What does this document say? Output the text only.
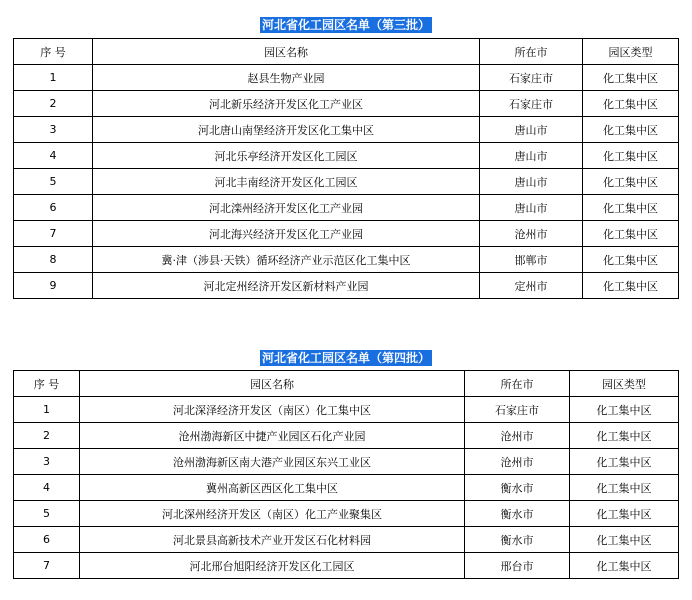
河北省化工园区名单（第三批）
序 号	园区名称	所在市	园区类型
1	赵县生物产业园	石家庄市	化工集中区
2	河北新乐经济开发区化工产业区	石家庄市	化工集中区
3	河北唐山南堡经济开发区化工集中区	唐山市	化工集中区
4	河北乐亭经济开发区化工园区	唐山市	化工集中区
5	河北丰南经济开发区化工园区	唐山市	化工集中区
6	河北滦州经济开发区化工产业园	唐山市	化工集中区
7	河北海兴经济开发区化工产业园	沧州市	化工集中区
8	冀·津（涉县·天铁）循环经济产业示范区化工集中区	邯郸市	化工集中区
9	河北定州经济开发区新材料产业园	定州市	化工集中区
河北省化工园区名单（第四批）
序 号	园区名称	所在市	园区类型
1	河北深泽经济开发区（南区）化工集中区	石家庄市	化工集中区
2	沧州渤海新区中捷产业园区石化产业园	沧州市	化工集中区
3	沧州渤海新区南大港产业园区东兴工业区	沧州市	化工集中区
4	冀州高新区西区化工集中区	衡水市	化工集中区
5	河北深州经济开发区（南区）化工产业聚集区	衡水市	化工集中区
6	河北景县高新技术产业开发区石化材料园	衡水市	化工集中区
7	河北邢台旭阳经济开发区化工园区	邢台市	化工集中区
